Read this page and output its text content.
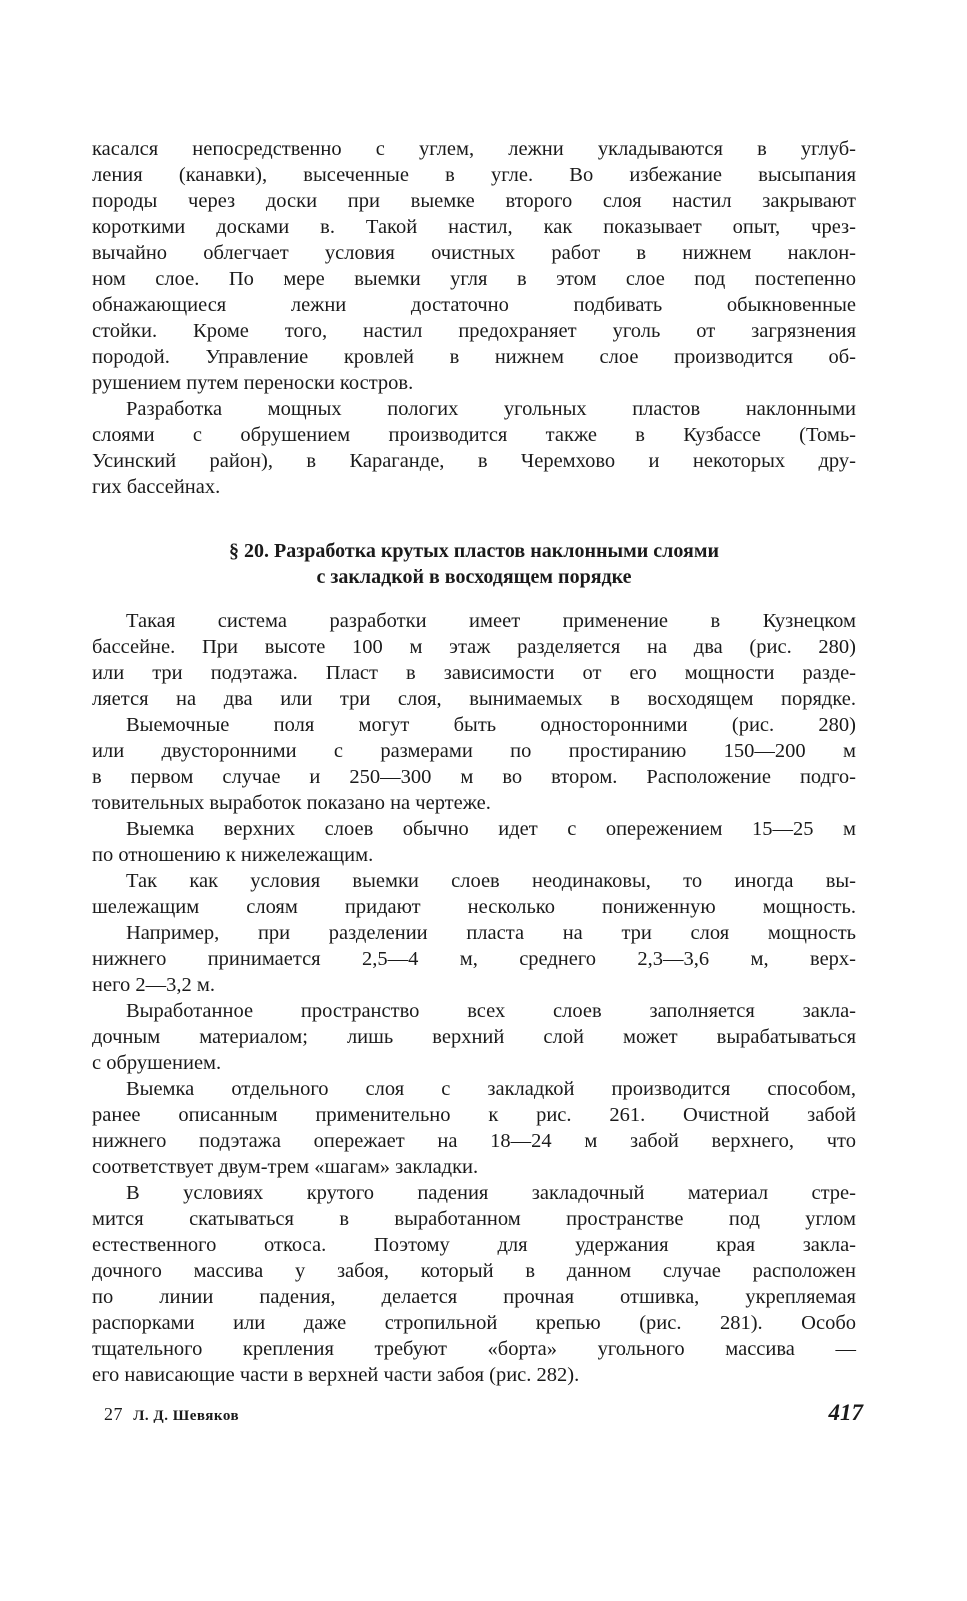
касался непосредственно с углем, лежни укладываются в углуб-
ления (канавки), высеченные в угле. Во избежание высыпания
породы через доски при выемке второго слоя настил закрывают
короткими досками в. Такой настил, как показывает опыт, чрез-
вычайно облегчает условия очистных работ в нижнем наклон-
ном слое. По мере выемки угля в этом слое под постепенно
обнажающиеся лежни достаточно подбивать обыкновенные
стойки. Кроме того, настил предохраняет уголь от загрязнения
породой. Управление кровлей в нижнем слое производится об-
рушением путем переноски костров.
Разработка мощных пологих угольных пластов наклонными
слоями с обрушением производится также в Кузбассе (Томь-
Усинский район), в Караганде, в Черемхово и некоторых дру-
гих бассейнах.
§ 20. Разработка крутых пластов наклонными слоями
с закладкой в восходящем порядке
Такая система разработки имеет применение в Кузнецком
бассейне. При высоте 100 м этаж разделяется на два (рис. 280)
или три подэтажа. Пласт в зависимости от его мощности разде-
ляется на два или три слоя, вынимаемых в восходящем порядке.
Выемочные поля могут быть односторонними (рис. 280)
или двусторонними с размерами по простиранию 150—200 м
в первом случае и 250—300 м во втором. Расположение подго-
товительных выработок показано на чертеже.
Выемка верхних слоев обычно идет с опережением 15—25 м
по отношению к нижележащим.
Так как условия выемки слоев неодинаковы, то иногда вы-
шележащим слоям придают несколько пониженную мощность.
Например, при разделении пласта на три слоя мощность
нижнего принимается 2,5—4 м, среднего 2,3—3,6 м, верх-
него 2—3,2 м.
Выработанное пространство всех слоев заполняется закла-
дочным материалом; лишь верхний слой может вырабатываться
с обрушением.
Выемка отдельного слоя с закладкой производится способом,
ранее описанным применительно к рис. 261. Очистной забой
нижнего подэтажа опережает на 18—24 м забой верхнего, что
соответствует двум-трем «шагам» закладки.
В условиях крутого падения закладочный материал стре-
мится скатываться в выработанном пространстве под углом
естественного откоса. Поэтому для удержания края закла-
дочного массива у забоя, который в данном случае расположен
по линии падения, делается прочная отшивка, укрепляемая
распорками или даже стропильной крепью (рис. 281). Особо
тщательного крепления требуют «борта» угольного массива —
его нависающие части в верхней части забоя (рис. 282).
27 Л. Д. Шевяков	417
